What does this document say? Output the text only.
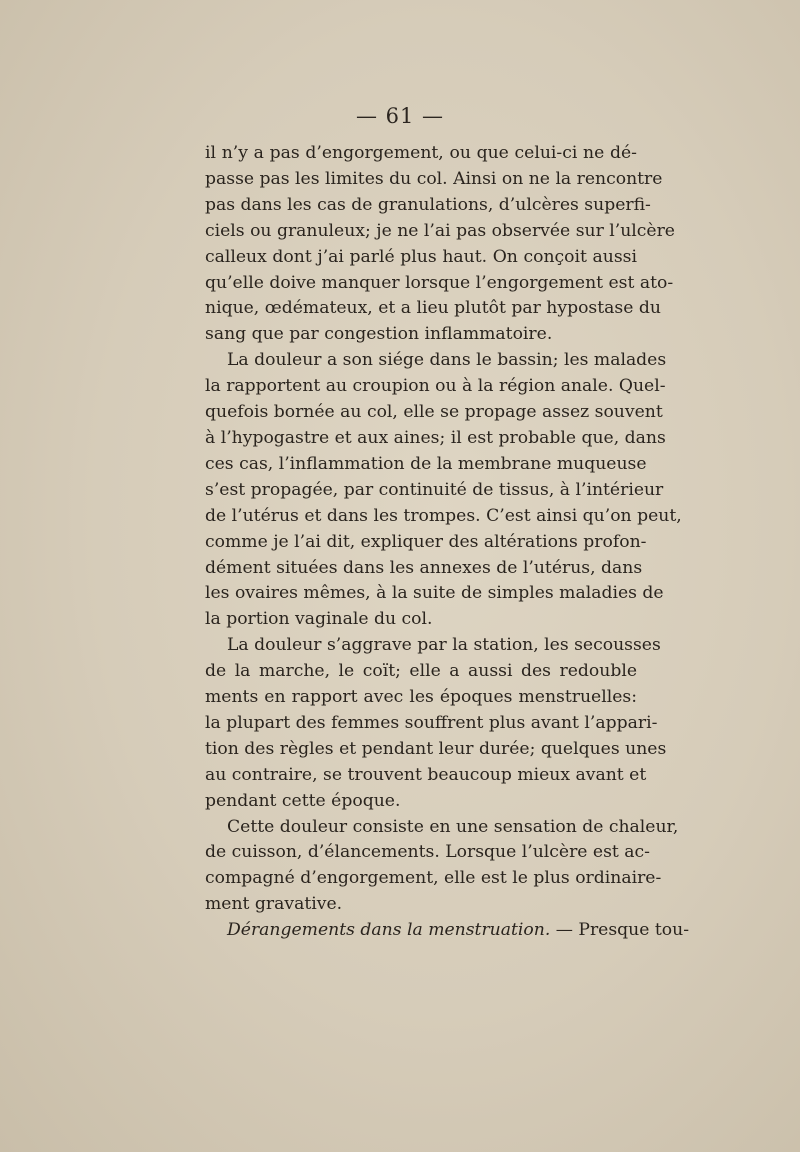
— 61 —
il n’y a pas d’engorgement, ou que celui-ci ne dé-
passe pas les limites du col. Ainsi on ne la rencontre
pas dans les cas de granulations, d’ulcères superfi-
ciels ou granuleux; je ne l’ai pas observée sur l’ulcère
calleux dont j’ai parlé plus haut. On conçoit aussi
qu’elle doive manquer lorsque l’engorgement est ato-
nique, œdémateux, et a lieu plutôt par hypostase du
sang que par congestion inflammatoire.
La douleur a son siége dans le bassin; les malades
la rapportent au croupion ou à la région anale. Quel-
quefois bornée au col, elle se propage assez souvent
à l’hypogastre et aux aines; il est probable que, dans
ces cas, l’inflammation de la membrane muqueuse
s’est propagée, par continuité de tissus, à l’intérieur
de l’utérus et dans les trompes. C’est ainsi qu’on peut,
comme je l’ai dit, expliquer des altérations profon-
dément situées dans les annexes de l’utérus, dans
les ovaires mêmes, à la suite de simples maladies de
la portion vaginale du col.
La douleur s’aggrave par la station, les secousses
de la marche, le coït; elle a aussi des redouble
ments en rapport avec les époques menstruelles:
la plupart des femmes souffrent plus avant l’appari-
tion des règles et pendant leur durée; quelques unes
au contraire, se trouvent beaucoup mieux avant et
pendant cette époque.
Cette douleur consiste en une sensation de chaleur,
de cuisson, d’élancements. Lorsque l’ulcère est ac-
compagné d’engorgement, elle est le plus ordinaire-
ment gravative.
Dérangements dans la menstruation. — Presque tou-
